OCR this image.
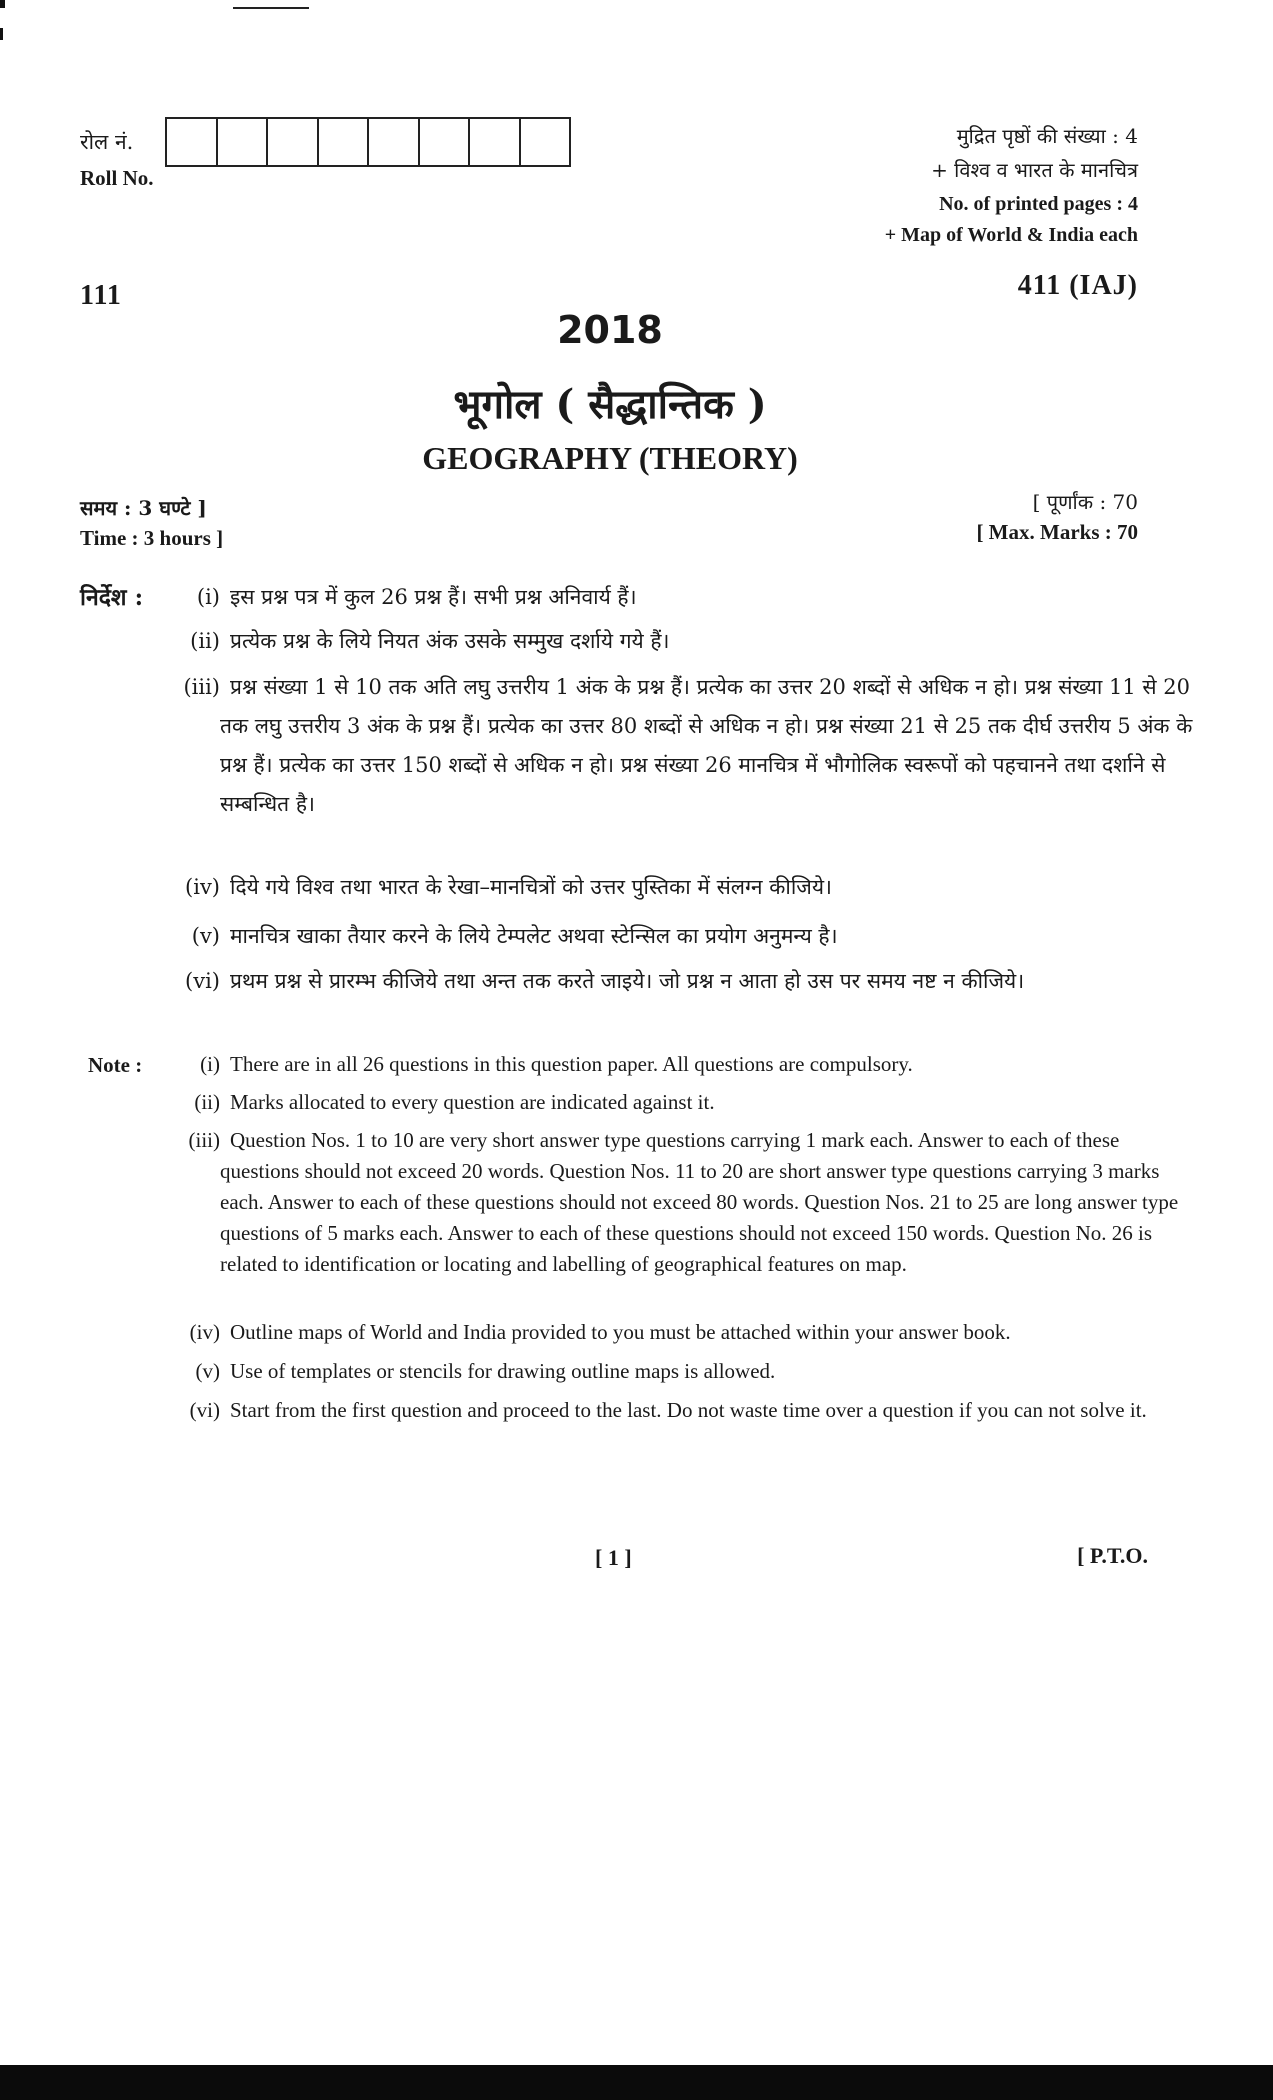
रोल नं.
Roll No.
मुद्रित पृष्ठों की संख्या : 4
+ विश्व व भारत के मानचित्र
No. of printed pages : 4
+ Map of World & India each
111	411 (IAJ)
2018
भूगोल ( सैद्धान्तिक )
GEOGRAPHY (THEORY)
समय : 3 घण्टे ]
Time : 3 hours ]
[ पूर्णांक : 70
[ Max. Marks : 70
निर्देश :	(i) इस प्रश्न पत्र में कुल 26 प्रश्न हैं। सभी प्रश्न अनिवार्य हैं।
(ii) प्रत्येक प्रश्न के लिये नियत अंक उसके सम्मुख दर्शाये गये हैं।
(iii) प्रश्न संख्या 1 से 10 तक अति लघु उत्तरीय 1 अंक के प्रश्न हैं। प्रत्येक का उत्तर 20 शब्दों से अधिक न हो। प्रश्न संख्या 11 से 20 तक लघु उत्तरीय 3 अंक के प्रश्न हैं। प्रत्येक का उत्तर 80 शब्दों से अधिक न हो। प्रश्न संख्या 21 से 25 तक दीर्घ उत्तरीय 5 अंक के प्रश्न हैं। प्रत्येक का उत्तर 150 शब्दों से अधिक न हो। प्रश्न संख्या 26 मानचित्र में भौगोलिक स्वरूपों को पहचानने तथा दर्शाने से सम्बन्धित है।
(iv) दिये गये विश्व तथा भारत के रेखा–मानचित्रों को उत्तर पुस्तिका में संलग्न कीजिये।
(v) मानचित्र खाका तैयार करने के लिये टेम्पलेट अथवा स्टेन्सिल का प्रयोग अनुमन्य है।
(vi) प्रथम प्रश्न से प्रारम्भ कीजिये तथा अन्त तक करते जाइये। जो प्रश्न न आता हो उस पर समय नष्ट न कीजिये।
Note :	(i) There are in all 26 questions in this question paper. All questions are compulsory.
(ii) Marks allocated to every question are indicated against it.
(iii) Question Nos. 1 to 10 are very short answer type questions carrying 1 mark each. Answer to each of these questions should not exceed 20 words. Question Nos. 11 to 20 are short answer type questions carrying 3 marks each. Answer to each of these questions should not exceed 80 words. Question Nos. 21 to 25 are long answer type questions of 5 marks each. Answer to each of these questions should not exceed 150 words. Question No. 26 is related to identification or locating and labelling of geographical features on map.
(iv) Outline maps of World and India provided to you must be attached within your answer book.
(v) Use of templates or stencils for drawing outline maps is allowed.
(vi) Start from the first question and proceed to the last. Do not waste time over a question if you can not solve it.
[ 1 ]	[ P.T.O.
